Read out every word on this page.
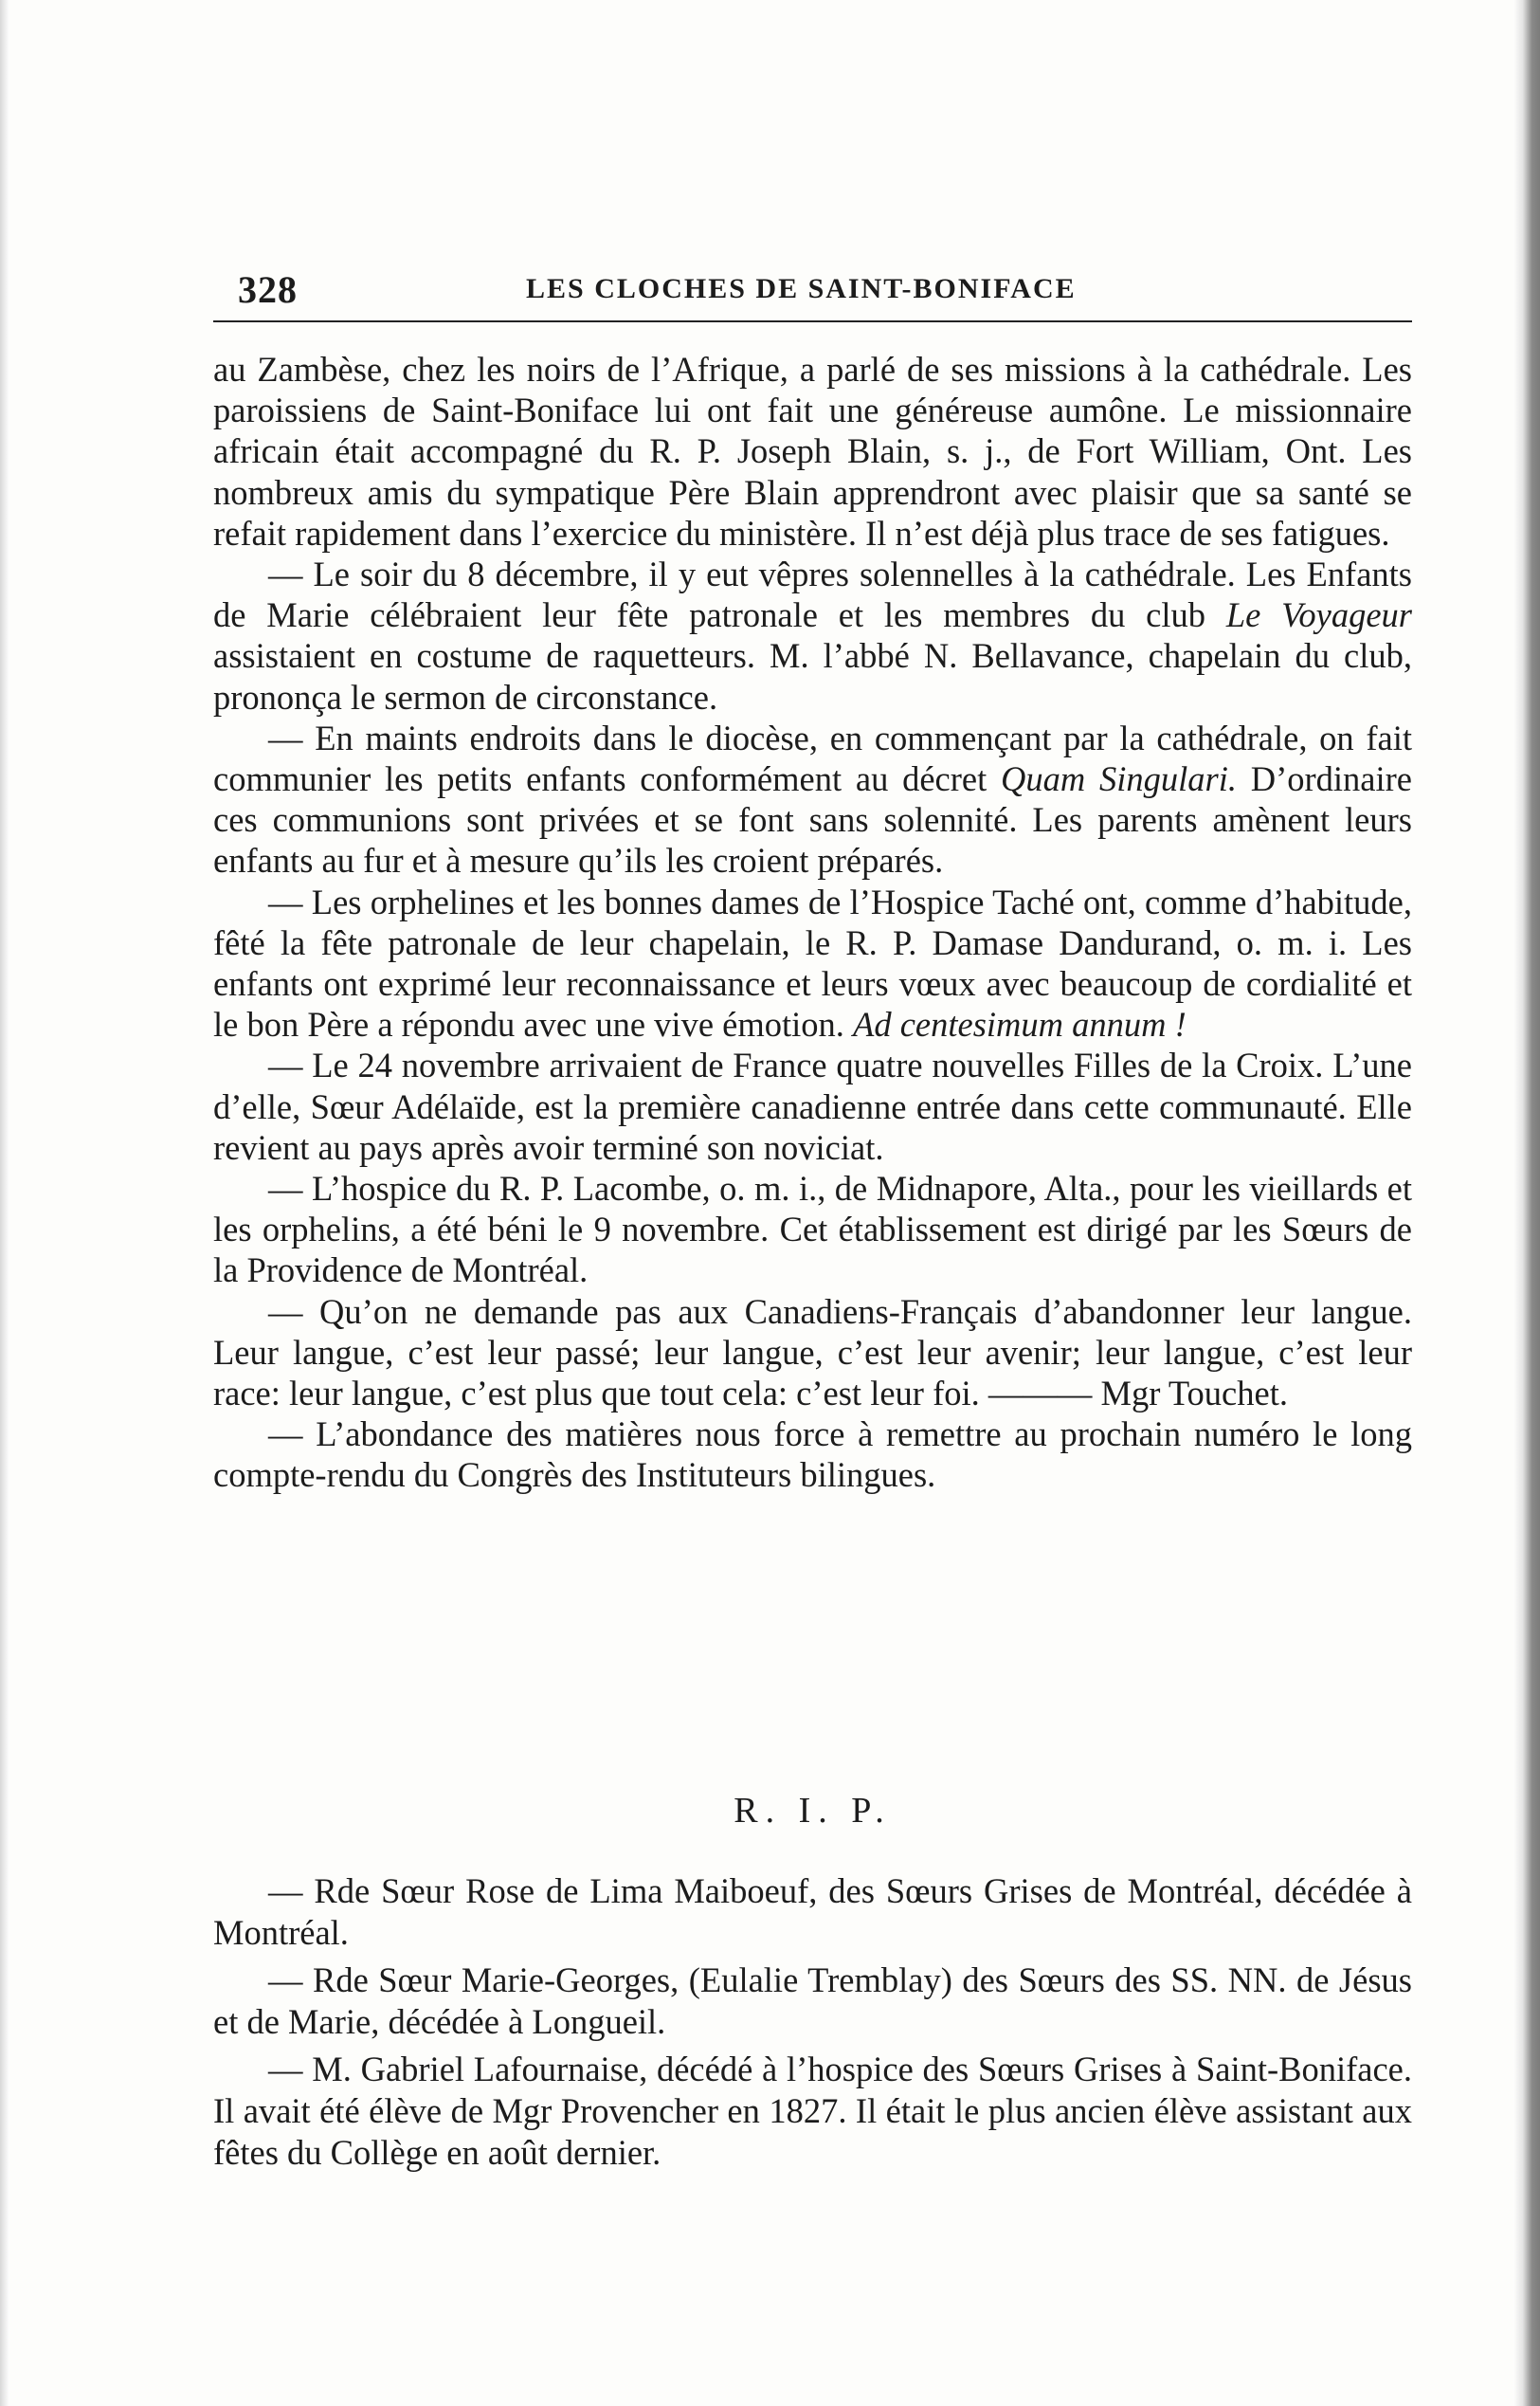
328	LES CLOCHES DE SAINT-BONIFACE

au Zambèse, chez les noirs de l’Afrique, a parlé de ses missions à la cathédrale. Les paroissiens de Saint-Boniface lui ont fait une généreuse aumône. Le missionnaire africain était accompagné du R. P. Joseph Blain, s. j., de Fort William, Ont. Les nombreux amis du sympatique Père Blain apprendront avec plaisir que sa santé se refait rapidement dans l’exercice du ministère. Il n’est déjà plus trace de ses fatigues.

— Le soir du 8 décembre, il y eut vêpres solennelles à la cathédrale. Les Enfants de Marie célébraient leur fête patronale et les membres du club Le Voyageur assistaient en costume de raquetteurs. M. l’abbé N. Bellavance, chapelain du club, prononça le sermon de circonstance.

— En maints endroits dans le diocèse, en commençant par la cathédrale, on fait communier les petits enfants conformément au décret Quam Singulari. D’ordinaire ces communions sont privées et se font sans solennité. Les parents amènent leurs enfants au fur et à mesure qu’ils les croient préparés.

— Les orphelines et les bonnes dames de l’Hospice Taché ont, comme d’habitude, fêté la fête patronale de leur chapelain, le R. P. Damase Dandurand, o. m. i. Les enfants ont exprimé leur reconnaissance et leurs vœux avec beaucoup de cordialité et le bon Père a répondu avec une vive émotion. Ad centesimum annum !

— Le 24 novembre arrivaient de France quatre nouvelles Filles de la Croix. L’une d’elle, Sœur Adélaïde, est la première canadienne entrée dans cette communauté. Elle revient au pays après avoir terminé son noviciat.

— L’hospice du R. P. Lacombe, o. m. i., de Midnapore, Alta., pour les vieillards et les orphelins, a été béni le 9 novembre. Cet établissement est dirigé par les Sœurs de la Providence de Montréal.

— Qu’on ne demande pas aux Canadiens-Français d’abandonner leur langue. Leur langue, c’est leur passé; leur langue, c’est leur avenir; leur langue, c’est leur race: leur langue, c’est plus que tout cela: c’est leur foi. ——— Mgr Touchet.

— L’abondance des matières nous force à remettre au prochain numéro le long compte-rendu du Congrès des Instituteurs bilingues.

R. I. P.

— Rde Sœur Rose de Lima Maiboeuf, des Sœurs Grises de Montréal, décédée à Montréal.

— Rde Sœur Marie-Georges, (Eulalie Tremblay) des Sœurs des SS. NN. de Jésus et de Marie, décédée à Longueil.

— M. Gabriel Lafournaise, décédé à l’hospice des Sœurs Grises à Saint-Boniface. Il avait été élève de Mgr Provencher en 1827. Il était le plus ancien élève assistant aux fêtes du Collège en août dernier.
